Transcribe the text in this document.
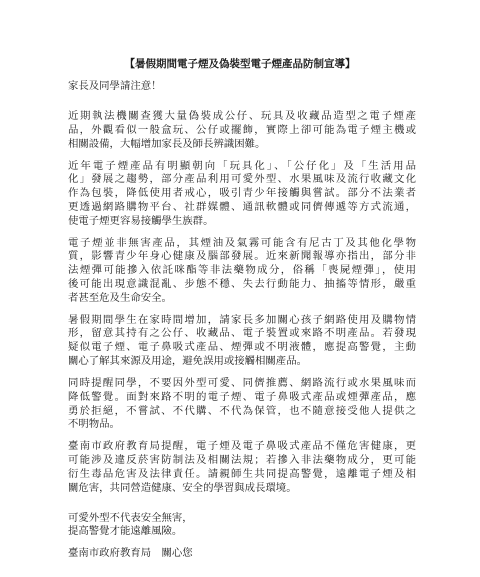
【暑假期間電子煙及偽裝型電子煙產品防制宣導】
家長及同學請注意！
近期執法機關查獲大量偽裝成公仔、玩具及收藏品造型之電子煙產
品，外觀看似一般盒玩、公仔或擺飾，實際上卻可能為電子煙主機或
相關設備，大幅增加家長及師長辨識困難。
近年電子煙產品有明顯朝向「玩具化」、「公仔化」及「生活用品
化」發展之趨勢，部分產品利用可愛外型、水果風味及流行收藏文化
作為包裝，降低使用者戒心，吸引青少年接觸與嘗試。部分不法業者
更透過網路購物平台、社群媒體、通訊軟體或同儕傳遞等方式流通，
使電子煙更容易接觸學生族群。
電子煙並非無害產品，其煙油及氣霧可能含有尼古丁及其他化學物
質，影響青少年身心健康及腦部發展。近來新聞報導亦指出，部分非
法煙彈可能摻入依託咪酯等非法藥物成分，俗稱「喪屍煙彈」，使用
後可能出現意識混亂、步態不穩、失去行動能力、抽搐等情形，嚴重
者甚至危及生命安全。
暑假期間學生在家時間增加，請家長多加關心孩子網路使用及購物情
形，留意其持有之公仔、收藏品、電子裝置或來路不明產品。若發現
疑似電子煙、電子鼻吸式產品、煙彈或不明液體，應提高警覺，主動
關心了解其來源及用途，避免誤用或接觸相關產品。
同時提醒同學，不要因外型可愛、同儕推薦、網路流行或水果風味而
降低警覺。面對來路不明的電子煙、電子鼻吸式產品或煙彈產品，應
勇於拒絕，不嘗試、不代購、不代為保管，也不隨意接受他人提供之
不明物品。
臺南市政府教育局提醒，電子煙及電子鼻吸式產品不僅危害健康，更
可能涉及違反菸害防制法及相關法規；若摻入非法藥物成分，更可能
衍生毒品危害及法律責任。請親師生共同提高警覺，遠離電子煙及相
關危害，共同營造健康、安全的學習與成長環境。
可愛外型不代表安全無害，
提高警覺才能遠離風險。
臺南市政府教育局　關心您
